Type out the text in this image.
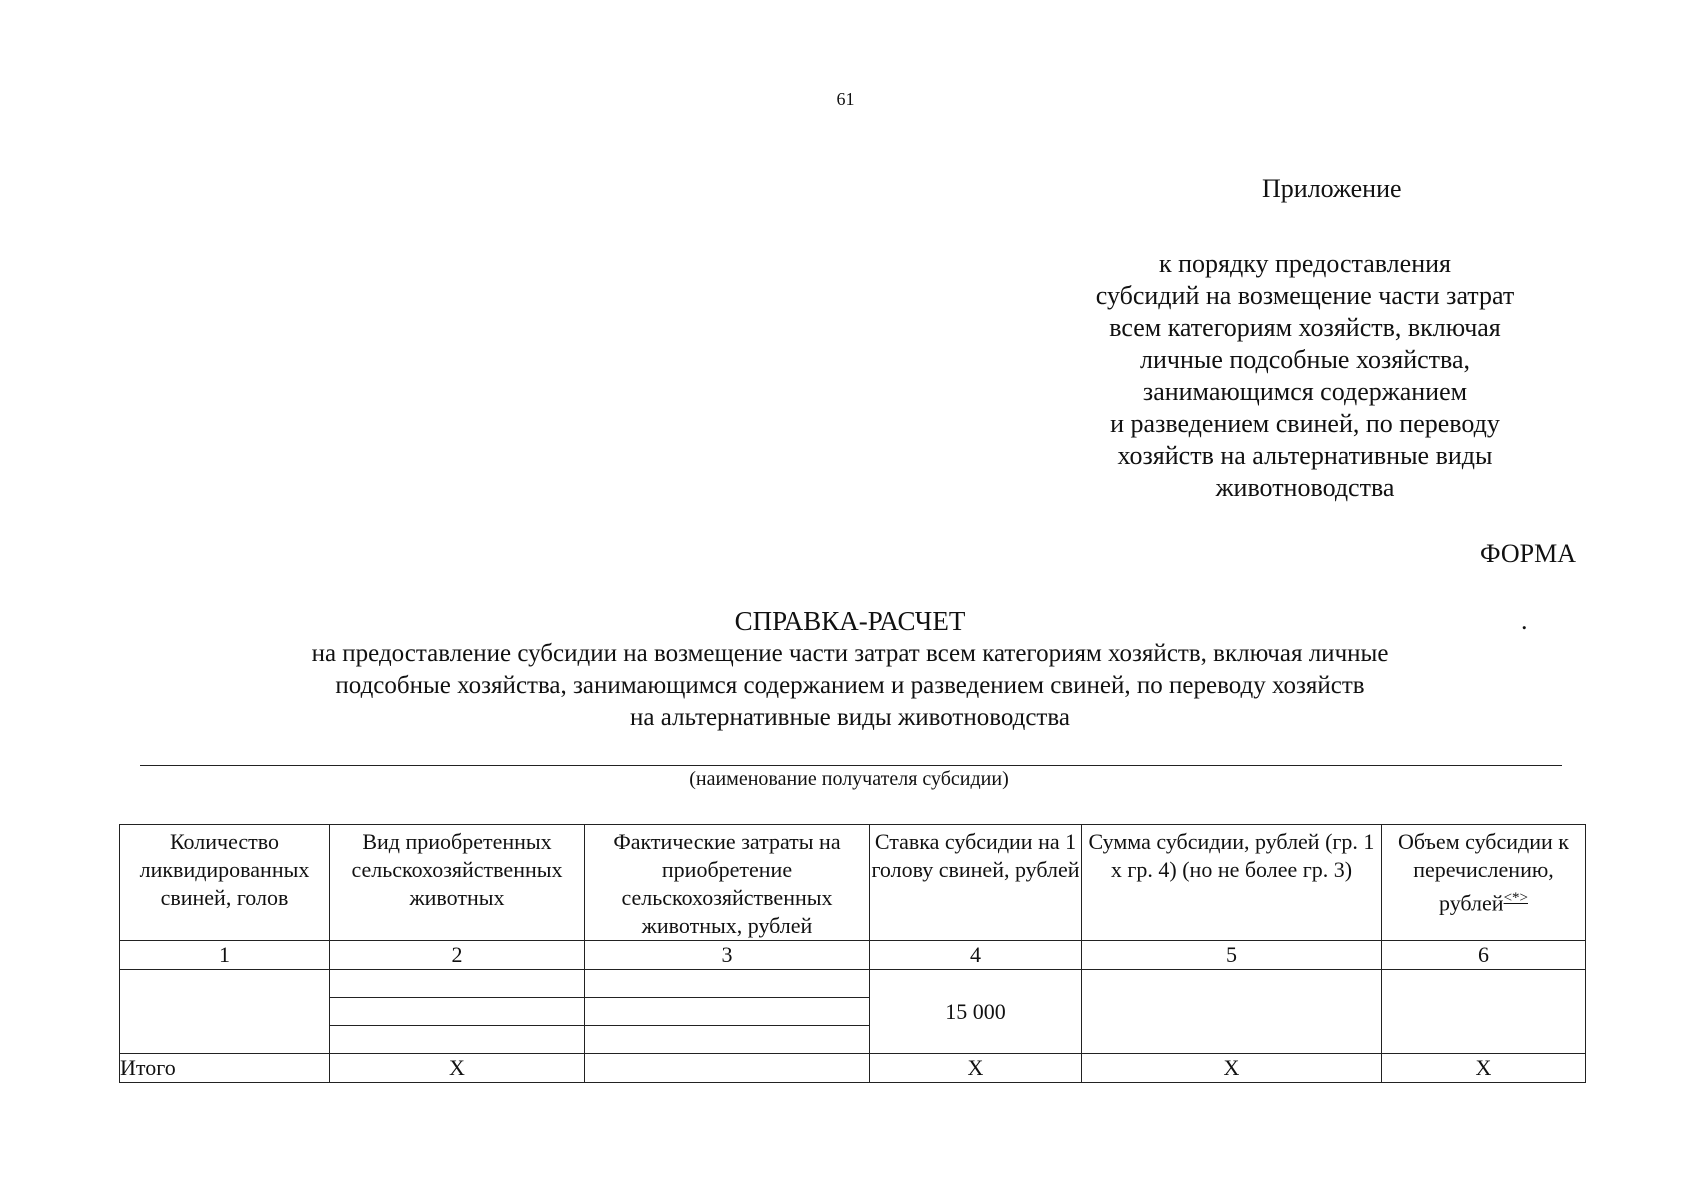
61
Приложение
к порядку предоставления
субсидий на возмещение части затрат
всем категориям хозяйств, включая
личные подсобные хозяйства,
занимающимся содержанием
и разведением свиней, по переводу
хозяйств на альтернативные виды
животноводства
ФОРМА
СПРАВКА-РАСЧЕТ	.
на предоставление субсидии на возмещение части затрат всем категориям хозяйств, включая личные
подсобные хозяйства, занимающимся содержанием и разведением свиней, по переводу хозяйств
на альтернативные виды животноводства
(наименование получателя субсидии)
Количество ликвидированных свиней, голов	Вид приобретенных сельскохозяйственных животных	Фактические затраты на приобретение сельскохозяйственных животных, рублей	Ставка субсидии на 1 голову свиней, рублей	Сумма субсидии, рублей (гр. 1 х гр. 4) (но не более гр. 3)	Объем субсидии к перечислению, рублей<*>
1	2	3	4	5	6
			15 000		

Итого	X		X	X	X
